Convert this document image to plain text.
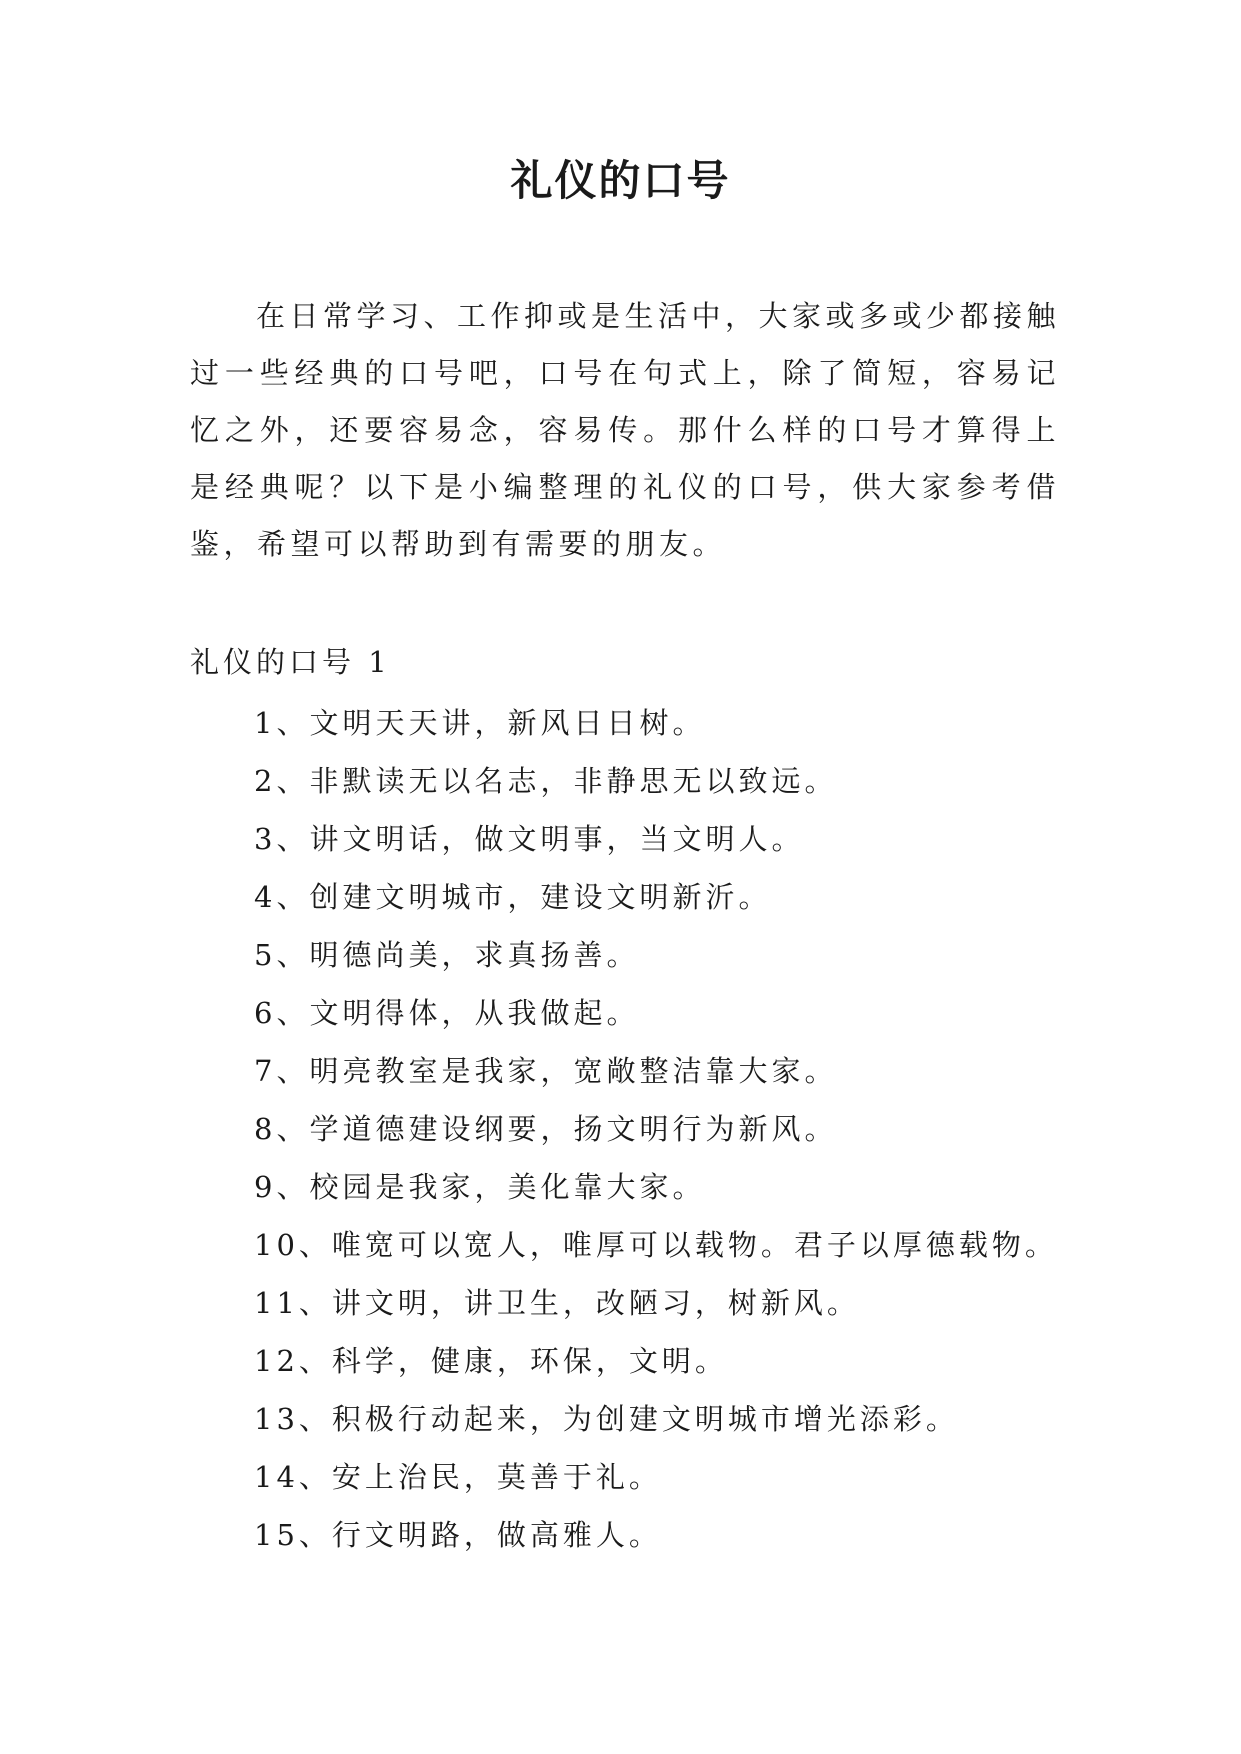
礼仪的口号

在日常学习、工作抑或是生活中，大家或多或少都接触过一些经典的口号吧，口号在句式上，除了简短，容易记忆之外，还要容易念，容易传。那什么样的口号才算得上是经典呢？以下是小编整理的礼仪的口号，供大家参考借鉴，希望可以帮助到有需要的朋友。

礼仪的口号 1
1、文明天天讲，新风日日树。
2、非默读无以名志，非静思无以致远。
3、讲文明话，做文明事，当文明人。
4、创建文明城市，建设文明新沂。
5、明德尚美，求真扬善。
6、文明得体，从我做起。
7、明亮教室是我家，宽敞整洁靠大家。
8、学道德建设纲要，扬文明行为新风。
9、校园是我家，美化靠大家。
10、唯宽可以宽人，唯厚可以载物。君子以厚德载物。
11、讲文明，讲卫生，改陋习，树新风。
12、科学，健康，环保，文明。
13、积极行动起来，为创建文明城市增光添彩。
14、安上治民，莫善于礼。
15、行文明路，做高雅人。
